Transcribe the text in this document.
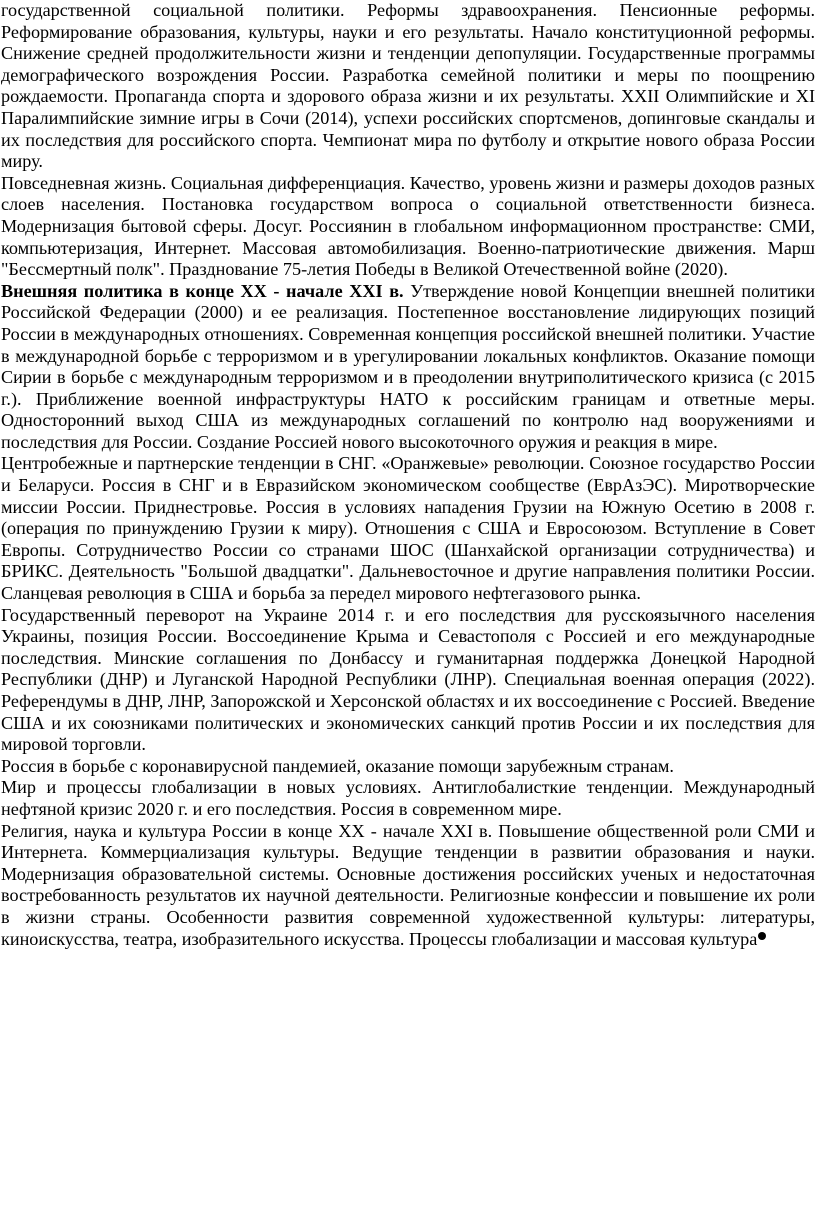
государственной социальной политики. Реформы здравоохранения. Пенсионные реформы. Реформирование образования, культуры, науки и его результаты. Начало конституционной реформы. Снижение средней продолжительности жизни и тенденции депопуляции. Государственные программы демографического возрождения России. Разработка семейной политики и меры по поощрению рождаемости. Пропаганда спорта и здорового образа жизни и их результаты. XXII Олимпийские и XI Паралимпийские зимние игры в Сочи (2014), успехи российских спортсменов, допинговые скандалы и их последствия для российского спорта. Чемпионат мира по футболу и открытие нового образа России миру.

Повседневная жизнь. Социальная дифференциация. Качество, уровень жизни и размеры доходов разных слоев населения. Постановка государством вопроса о социальной ответственности бизнеса. Модернизация бытовой сферы. Досуг. Россиянин в глобальном информационном пространстве: СМИ, компьютеризация, Интернет. Массовая автомобилизация. Военно-патриотические движения. Марш "Бессмертный полк". Празднование 75-летия Победы в Великой Отечественной войне (2020).

Внешняя политика в конце XX - начале XXI в. Утверждение новой Концепции внешней политики Российской Федерации (2000) и ее реализация. Постепенное восстановление лидирующих позиций России в международных отношениях. Современная концепция российской внешней политики. Участие в международной борьбе с терроризмом и в урегулировании локальных конфликтов. Оказание помощи Сирии в борьбе с международным терроризмом и в преодолении внутриполитического кризиса (с 2015 г.). Приближение военной инфраструктуры НАТО к российским границам и ответные меры. Односторонний выход США из международных соглашений по контролю над вооружениями и последствия для России. Создание Россией нового высокоточного оружия и реакция в мире.

Центробежные и партнерские тенденции в СНГ. «Оранжевые» революции. Союзное государство России и Беларуси. Россия в СНГ и в Евразийском экономическом сообществе (ЕврАзЭС). Миротворческие миссии России. Приднестровье. Россия в условиях нападения Грузии на Южную Осетию в 2008 г. (операция по принуждению Грузии к миру). Отношения с США и Евросоюзом. Вступление в Совет Европы. Сотрудничество России со странами ШОС (Шанхайской организации сотрудничества) и БРИКС. Деятельность "Большой двадцатки". Дальневосточное и другие направления политики России. Сланцевая революция в США и борьба за передел мирового нефтегазового рынка.

Государственный переворот на Украине 2014 г. и его последствия для русскоязычного населения Украины, позиция России. Воссоединение Крыма и Севастополя с Россией и его международные последствия. Минские соглашения по Донбассу и гуманитарная поддержка Донецкой Народной Республики (ДНР) и Луганской Народной Республики (ЛНР). Специальная военная операция (2022). Референдумы в ДНР, ЛНР, Запорожской и Херсонской областях и их воссоединение с Россией. Введение США и их союзниками политических и экономических санкций против России и их последствия для мировой торговли.

Россия в борьбе с коронавирусной пандемией, оказание помощи зарубежным странам.

Мир и процессы глобализации в новых условиях. Антиглобалисткие тенденции. Международный нефтяной кризис 2020 г. и его последствия. Россия в современном мире.

Религия, наука и культура России в конце XX - начале XXI в. Повышение общественной роли СМИ и Интернета. Коммерциализация культуры. Ведущие тенденции в развитии образования и науки. Модернизация образовательной системы. Основные достижения российских ученых и недостаточная востребованность результатов их научной деятельности. Религиозные конфессии и повышение их роли в жизни страны. Особенности развития современной художественной культуры: литературы, киноискусства, театра, изобразительного искусства. Процессы глобализации и массовая культура
